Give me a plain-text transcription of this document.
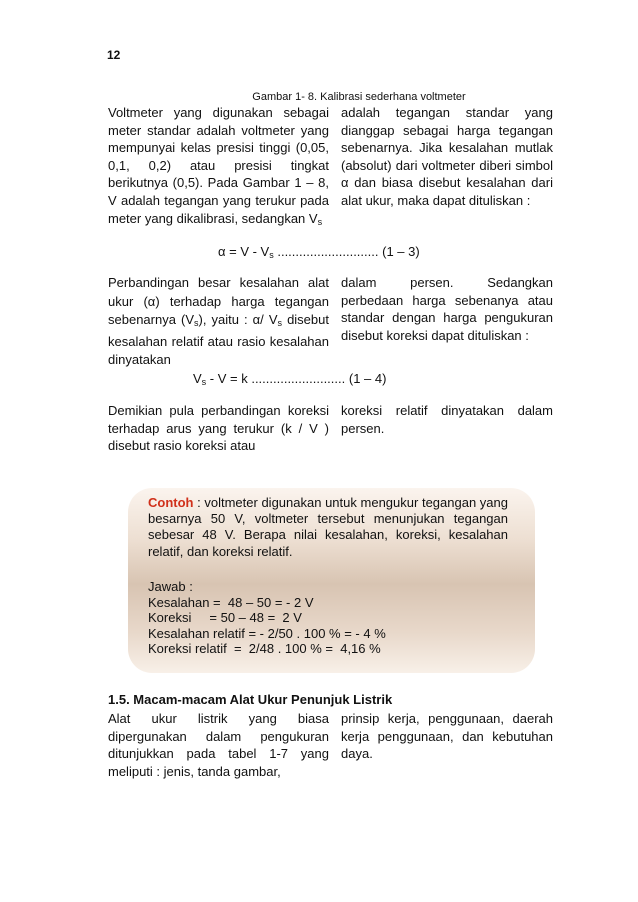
12
Gambar 1- 8. Kalibrasi sederhana voltmeter
Voltmeter yang digunakan sebagai meter standar adalah voltmeter yang mempunyai kelas presisi tinggi (0,05, 0,1, 0,2) atau presisi tingkat berikutnya (0,5). Pada Gambar 1 – 8, V adalah tegangan yang terukur pada meter yang dikalibrasi, sedangkan $V_s$
adalah tegangan standar yang dianggap sebagai harga tegangan sebenarnya. Jika kesalahan mutlak (absolut) dari voltmeter diberi simbol α dan biasa disebut kesalahan dari alat ukur, maka dapat dituliskan :
$\alpha = V - V_s$ ............................ (1 – 3)
Perbandingan besar kesalahan alat ukur (α) terhadap harga tegangan sebenarnya $(V_s)$, yaitu : α/ $V_s$ disebut kesalahan relatif atau rasio kesalahan dinyatakan
dalam persen. Sedangkan perbedaan harga sebenanya atau standar dengan harga pengukuran disebut koreksi dapat dituliskan :
$V_s - V = k$ .......................... (1 – 4)
Demikian pula perbandingan koreksi terhadap arus yang terukur (k / V ) disebut rasio koreksi atau
koreksi relatif dinyatakan dalam persen.
Contoh : voltmeter digunakan untuk mengukur tegangan yang besarnya 50 V, voltmeter tersebut menunjukan tegangan sebesar 48 V. Berapa nilai kesalahan, koreksi, kesalahan relatif, dan koreksi relatif.
Jawab :
Kesalahan =  48 – 50 = - 2 V
Koreksi     = 50 – 48 =  2 V
Kesalahan relatif = - 2/50 . 100 % = - 4 %
Koreksi relatif  =  2/48 . 100 % =  4,16 %
1.5. Macam-macam Alat Ukur Penunjuk Listrik
Alat ukur listrik yang biasa dipergunakan dalam pengukuran ditunjukkan pada tabel 1-7 yang meliputi : jenis, tanda gambar,
prinsip kerja, penggunaan, daerah kerja penggunaan, dan kebutuhan daya.
